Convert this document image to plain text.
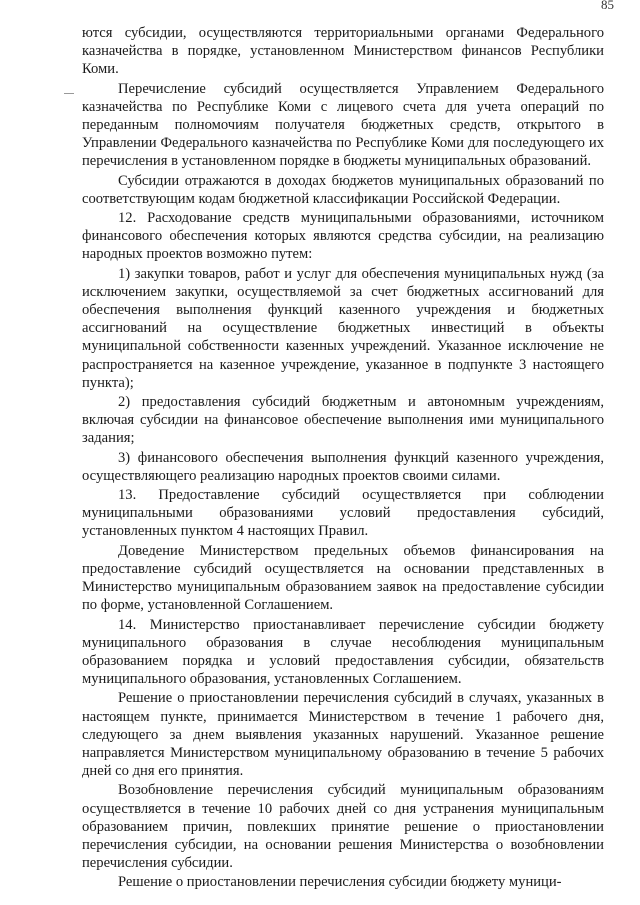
85

ются субсидии, осуществляются территориальными органами Федерального казначейства в порядке, установленном Министерством финансов Республики Коми.

Перечисление субсидий осуществляется Управлением Федерального казначейства по Республике Коми с лицевого счета для учета операций по переданным полномочиям получателя бюджетных средств, открытого в Управлении Федерального казначейства по Республике Коми для последующего их перечисления в установленном порядке в бюджеты муниципальных образований.

Субсидии отражаются в доходах бюджетов муниципальных образований по соответствующим кодам бюджетной классификации Российской Федерации.

12. Расходование средств муниципальными образованиями, источником финансового обеспечения которых являются средства субсидии, на реализацию народных проектов возможно путем:

1) закупки товаров, работ и услуг для обеспечения муниципальных нужд (за исключением закупки, осуществляемой за счет бюджетных ассигнований для обеспечения выполнения функций казенного учреждения и бюджетных ассигнований на осуществление бюджетных инвестиций в объекты муниципальной собственности казенных учреждений. Указанное исключение не распространяется на казенное учреждение, указанное в подпункте 3 настоящего пункта);

2) предоставления субсидий бюджетным и автономным учреждениям, включая субсидии на финансовое обеспечение выполнения ими муниципального задания;

3) финансового обеспечения выполнения функций казенного учреждения, осуществляющего реализацию народных проектов своими силами.

13. Предоставление субсидий осуществляется при соблюдении муниципальными образованиями условий предоставления субсидий, установленных пунктом 4 настоящих Правил.

Доведение Министерством предельных объемов финансирования на предоставление субсидий осуществляется на основании представленных в Министерство муниципальным образованием заявок на предоставление субсидии по форме, установленной Соглашением.

14. Министерство приостанавливает перечисление субсидии бюджету муниципального образования в случае несоблюдения муниципальным образованием порядка и условий предоставления субсидии, обязательств муниципального образования, установленных Соглашением.

Решение о приостановлении перечисления субсидий в случаях, указанных в настоящем пункте, принимается Министерством в течение 1 рабочего дня, следующего за днем выявления указанных нарушений. Указанное решение направляется Министерством муниципальному образованию в течение 5 рабочих дней со дня его принятия.

Возобновление перечисления субсидий муниципальным образованиям осуществляется в течение 10 рабочих дней со дня устранения муниципальным образованием причин, повлекших принятие решение о приостановлении перечисления субсидии, на основании решения Министерства о возобновлении перечисления субсидии.

Решение о приостановлении перечисления субсидии бюджету муници-
